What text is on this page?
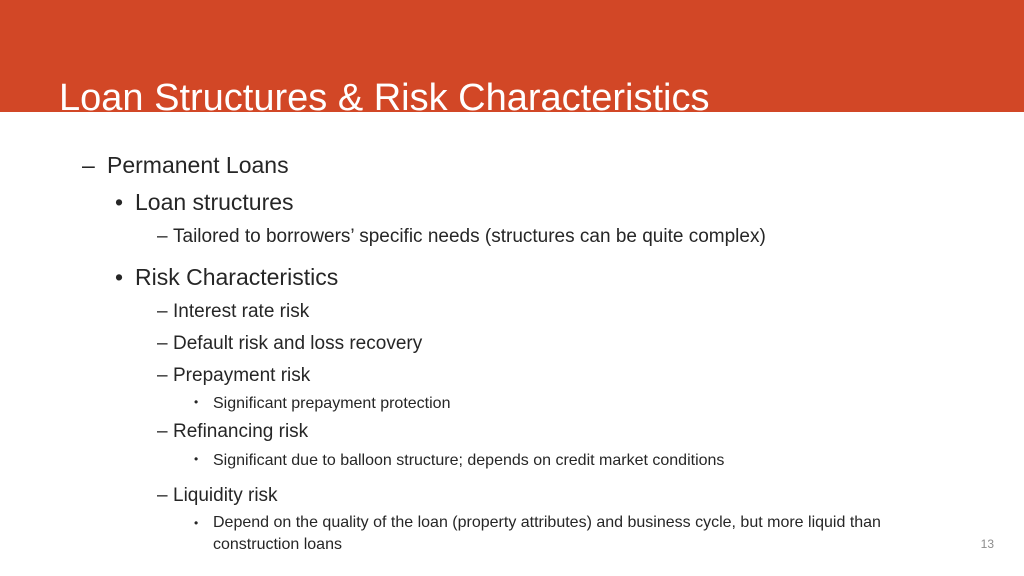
Loan Structures & Risk Characteristics
– Permanent Loans
• Loan structures
– Tailored to borrowers’ specific needs (structures can be quite complex)
• Risk Characteristics
– Interest rate risk
– Default risk and loss recovery
– Prepayment risk
• Significant prepayment protection
– Refinancing risk
• Significant due to balloon structure; depends on credit market conditions
– Liquidity risk
• Depend on the quality of the loan (property attributes) and business cycle, but more liquid than construction loans	13
